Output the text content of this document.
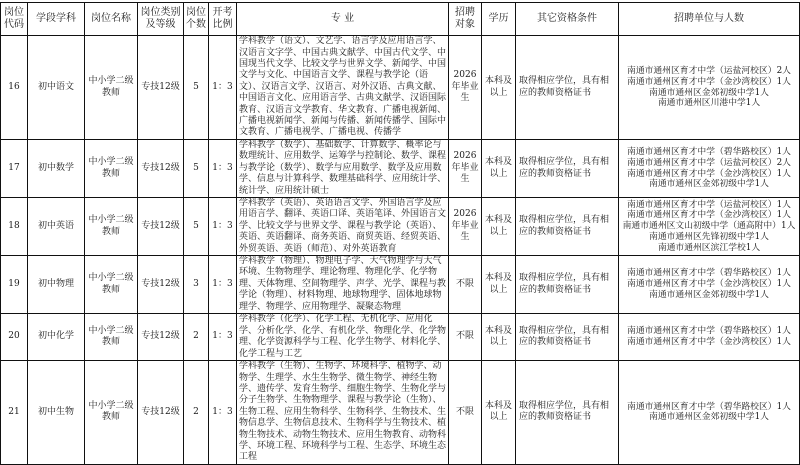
岗位代码	学段学科	岗位名称	岗位类别及等级	岗位个数	开考比例	专 业	招聘对象	学历	其它资格条件	招聘单位与人数
16	初中语文	中小学二级教师	专技12级	5	1：3	学科教学（语文）、文艺学、语言学及应用语言学、汉语言文字学、中国古典文献学、中国古代文学、中国现当代文学、比较文学与世界文学、新闻学、中国文学与文化、中国语言文学、课程与教学论（语文）、汉语言文学、汉语言、对外汉语、古典文献、中国语言文化、应用语言学、古典文献学、汉语国际教育、汉语言文学教育、华文教育、广播电视新闻、广播电视新闻学、新闻与传播、新闻传播学、国际中文教育、广播电视学、广播电视、传播学	2026年毕业生	本科及以上	取得相应学位，具有相应的教师资格证书	南通市通州区育才中学（运盐河校区）2人
南通市通州区育才中学（金沙湾校区）1人
南通市通州区金郊初级中学1人
南通市通州区川港中学1人

17	初中数学	中小学二级教师	专技12级	5	1：3	学科教学（数学）、基础数学、计算数学、概率论与数理统计、应用数学、运筹学与控制论、数学、课程与教学论（数学）、数学与应用数学、数学及应用数学、信息与计算科学、数理基础科学、应用统计学、统计学、应用统计硕士	2026年毕业生	本科及以上	取得相应学位，具有相应的教师资格证书	南通市通州区育才中学（碧华路校区）1人
南通市通州区育才中学（运盐河校区）2人
南通市通州区育才中学（金沙湾校区）1人
南通市通州区金郊初级中学1人

18	初中英语	中小学二级教师	专技12级	5	1：3	学科教学（英语）、英语语言文学、外国语言学及应用语言学、翻译、英语口译、英语笔译、外国语言文学、比较文学与世界文学、课程与教学论（英语）、英语、英语翻译、商务英语、商贸英语、经贸英语、外贸英语、英语（师范）、对外英语教育	2026年毕业生	本科及以上	取得相应学位，具有相应的教师资格证书	南通市通州区育才中学（运盐河校区）1人
南通市通州区育才中学（金沙湾校区）1人
南通市通州区文山初级中学（通高附中）1人
南通市通州区先锋初级中学1人
南通市通州区滨江学校1人

19	初中物理	中小学二级教师	专技12级	3	1：3	学科教学（物理）、物理电子学、大气物理学与大气环境、生物物理学、理论物理、物理化学、化学物理、天体物理、空间物理学、声学、光学、课程与教学论（物理）、材料物理、地球物理学、固体地球物理学、物理学、应用物理学、凝聚态物理	不限	本科及以上	取得相应学位，具有相应的教师资格证书	南通市通州区育才中学（碧华路校区）1人
南通市通州区育才中学（金沙湾校区）1人
南通市通州区金郊初级中学1人

20	初中化学	中小学二级教师	专技12级	2	1：3	学科教学（化学）、化学工程、无机化学、应用化学、分析化学、化学、有机化学、物理化学、化学物理、化学资源科学与工程、化学生物学、材料化学、化学工程与工艺	不限	本科及以上	取得相应学位，具有相应的教师资格证书	南通市通州区育才中学（碧华路校区）1人
南通市通州区育才中学（金沙湾校区）1人

21	初中生物	中小学二级教师	专技12级	2	1：3	学科教学（生物）、生物学、环境科学、植物学、动物学、生理学、水生生物学、微生物学、神经生物学、遗传学、发育生物学、细胞生物学、生物化学与分子生物学、生物物理学、课程与教学论（生物）、生物工程、应用生物科学、生物科学、生物技术、生物信息学、生物信息技术、生物科学与生物技术、植物生物技术、动物生物技术、应用生物教育、动物科学、环境工程、环境科学与工程、生态学、环境生态工程	不限	本科及以上	取得相应学位，具有相应的教师资格证书	南通市通州区育才中学（碧华路校区）1人
南通市通州区金郊初级中学1人
